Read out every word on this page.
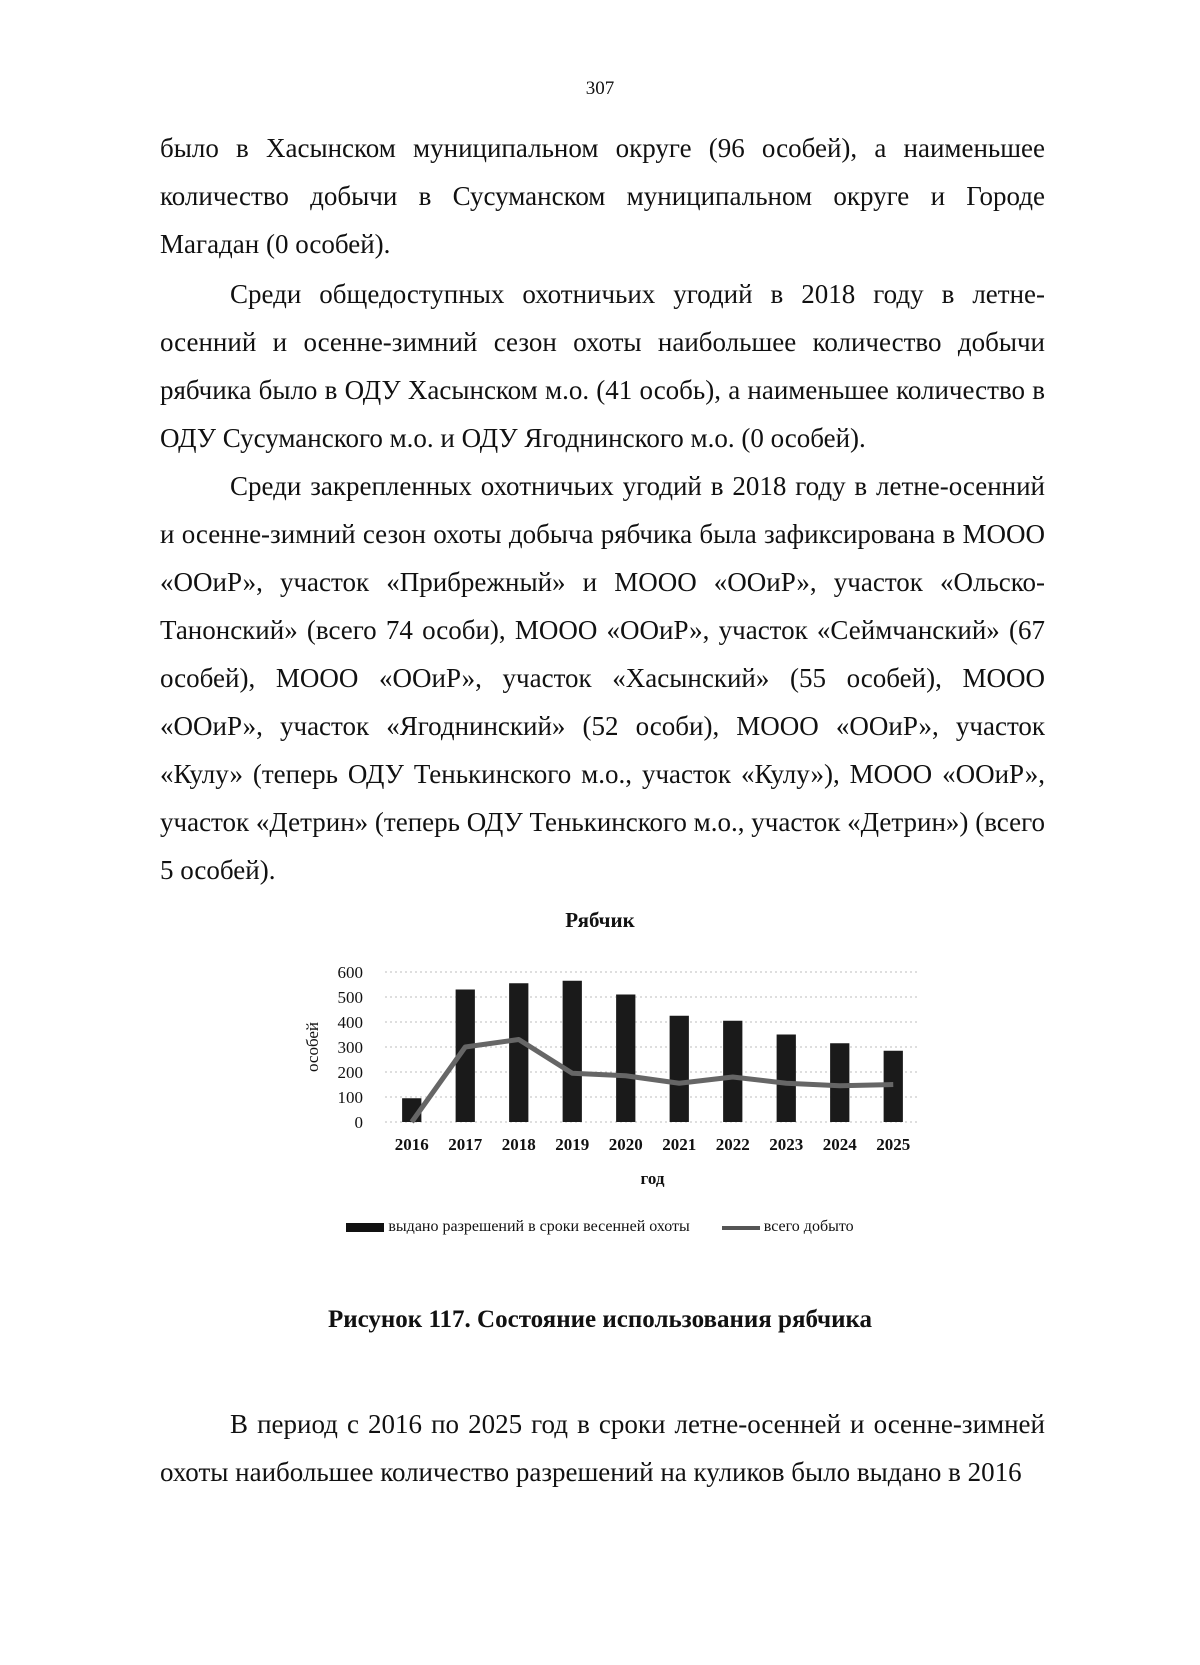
307

было в Хасынском муниципальном округе (96 особей), а наименьшее количество добычи в Сусуманском муниципальном округе и Городе Магадан (0 особей).

Среди общедоступных охотничьих угодий в 2018 году в летне-осенний и осенне-зимний сезон охоты наибольшее количество добычи рябчика было в ОДУ Хасынском м.о. (41 особь), а наименьшее количество в ОДУ Сусуманского м.о. и ОДУ Ягоднинского м.о. (0 особей).

Среди закрепленных охотничьих угодий в 2018 году в летне-осенний и осенне-зимний сезон охоты добыча рябчика была зафиксирована в МООО «ООиР», участок «Прибрежный» и МООО «ООиР», участок «Ольско-Танонский» (всего 74 особи), МООО «ООиР», участок «Сеймчанский» (67 особей), МООО «ООиР», участок «Хасынский» (55 особей), МООО «ООиР», участок «Ягоднинский» (52 особи), МООО «ООиР», участок «Кулу» (теперь ОДУ Тенькинского м.о., участок «Кулу»), МООО «ООиР», участок «Детрин» (теперь ОДУ Тенькинского м.о., участок «Детрин») (всего 5 особей).

Рябчик
0
100
200
300
400
500
600
особей
2016 2017 2018 2019 2020 2021 2022 2023 2024 2025
год
выдано разрешений в сроки весенней охоты	всего добыто
Рисунок 117. Состояние использования рябчика

В период с 2016 по 2025 год в сроки летне-осенней и осенне-зимней охоты наибольшее количество разрешений на куликов было выдано в 2016
